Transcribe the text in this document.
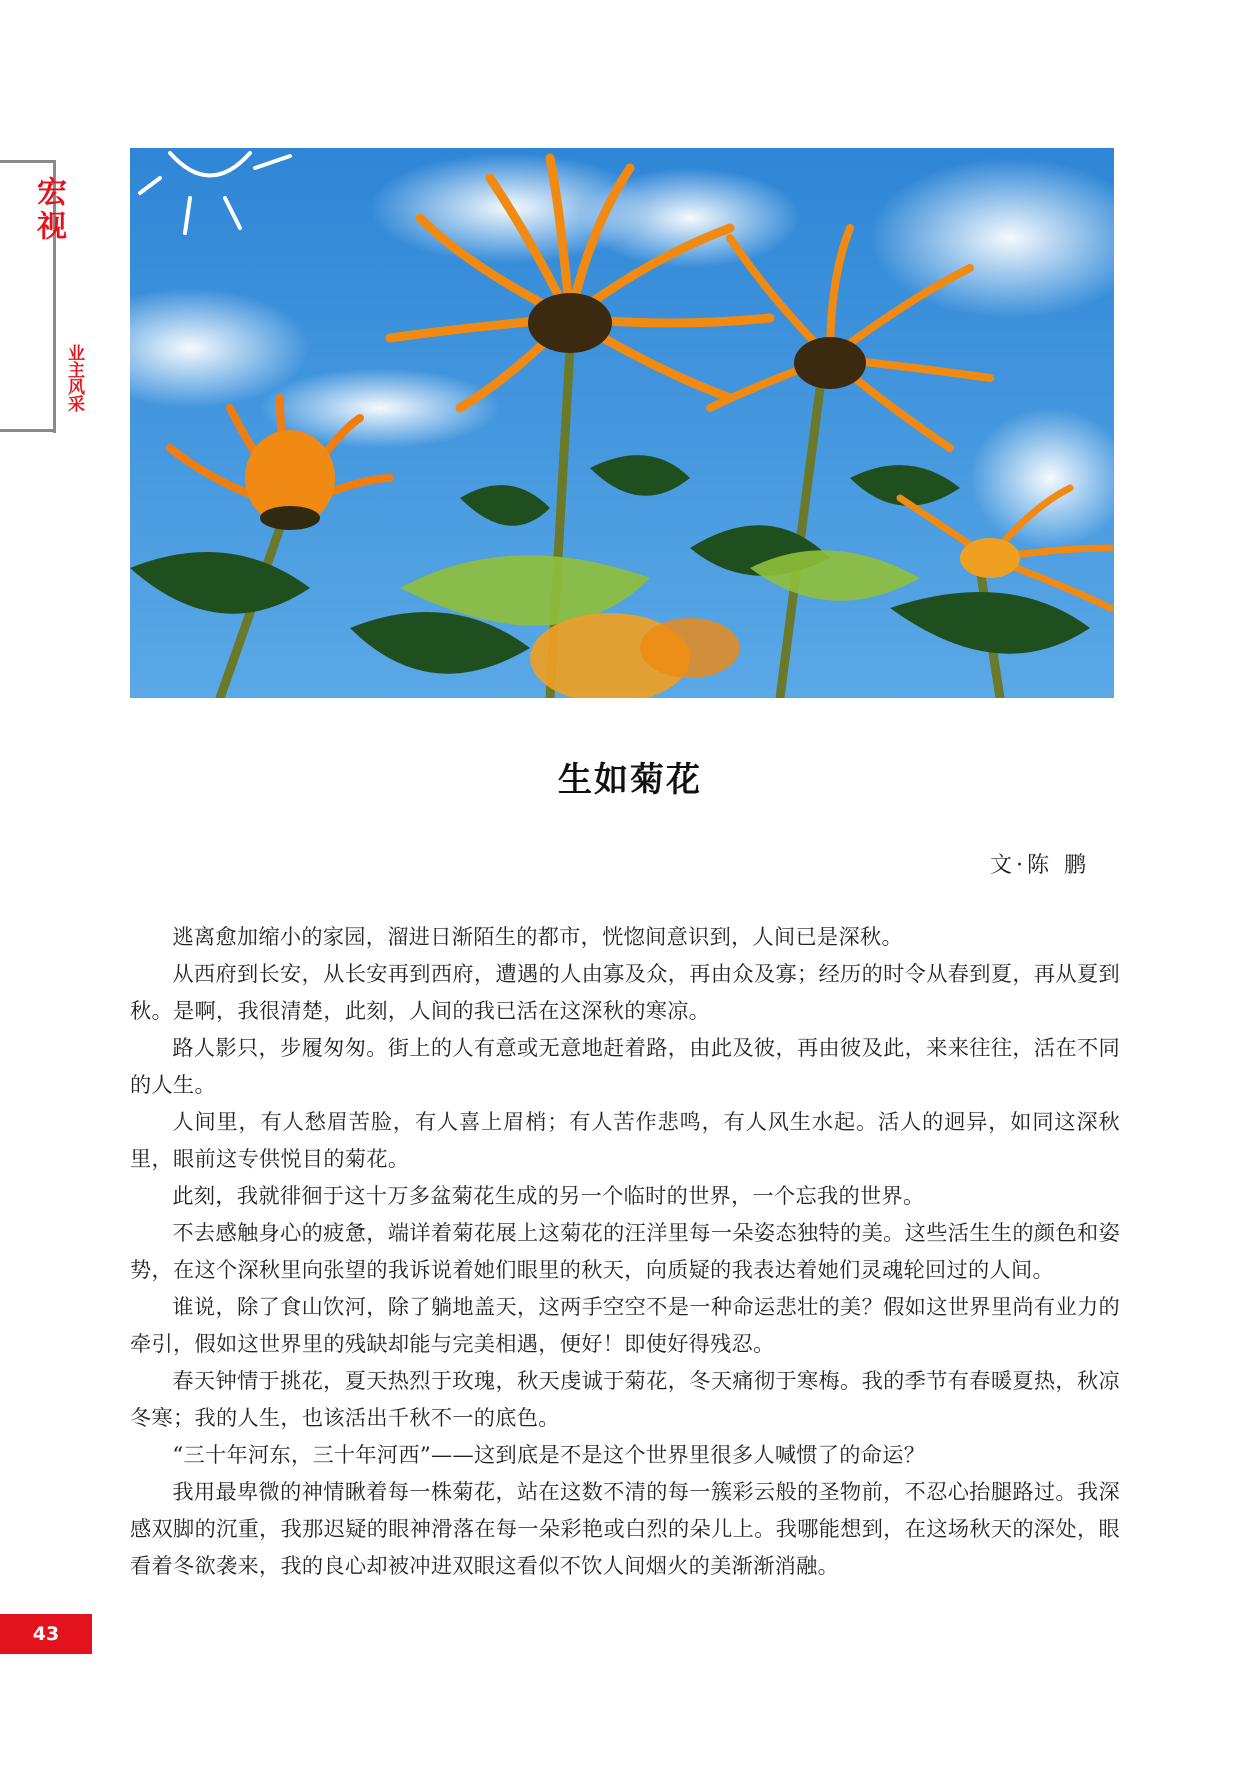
宏视
业主风采
生如菊花
文·陈 鹏

逃离愈加缩小的家园，溜进日渐陌生的都市，恍惚间意识到，人间已是深秋。

从西府到长安，从长安再到西府，遭遇的人由寡及众，再由众及寡；经历的时令从春到夏，再从夏到秋。是啊，我很清楚，此刻，人间的我已活在这深秋的寒凉。

路人影只，步履匆匆。街上的人有意或无意地赶着路，由此及彼，再由彼及此，来来往往，活在不同的人生。

人间里，有人愁眉苦脸，有人喜上眉梢；有人苦作悲鸣，有人风生水起。活人的迥异，如同这深秋里，眼前这专供悦目的菊花。

此刻，我就徘徊于这十万多盆菊花生成的另一个临时的世界，一个忘我的世界。

不去感触身心的疲惫，端详着菊花展上这菊花的汪洋里每一朵姿态独特的美。这些活生生的颜色和姿势，在这个深秋里向张望的我诉说着她们眼里的秋天，向质疑的我表达着她们灵魂轮回过的人间。

谁说，除了食山饮河，除了躺地盖天，这两手空空不是一种命运悲壮的美？假如这世界里尚有业力的牵引，假如这世界里的残缺却能与完美相遇，便好！即使好得残忍。

春天钟情于挑花，夏天热烈于玫瑰，秋天虔诚于菊花，冬天痛彻于寒梅。我的季节有春暖夏热，秋凉冬寒；我的人生，也该活出千秋不一的底色。

“三十年河东，三十年河西”——这到底是不是这个世界里很多人喊惯了的命运？

我用最卑微的神情瞅着每一株菊花，站在这数不清的每一簇彩云般的圣物前，不忍心抬腿路过。我深感双脚的沉重，我那迟疑的眼神滑落在每一朵彩艳或白烈的朵儿上。我哪能想到，在这场秋天的深处，眼看着冬欲袭来，我的良心却被冲进双眼这看似不饮人间烟火的美渐渐消融。

43
